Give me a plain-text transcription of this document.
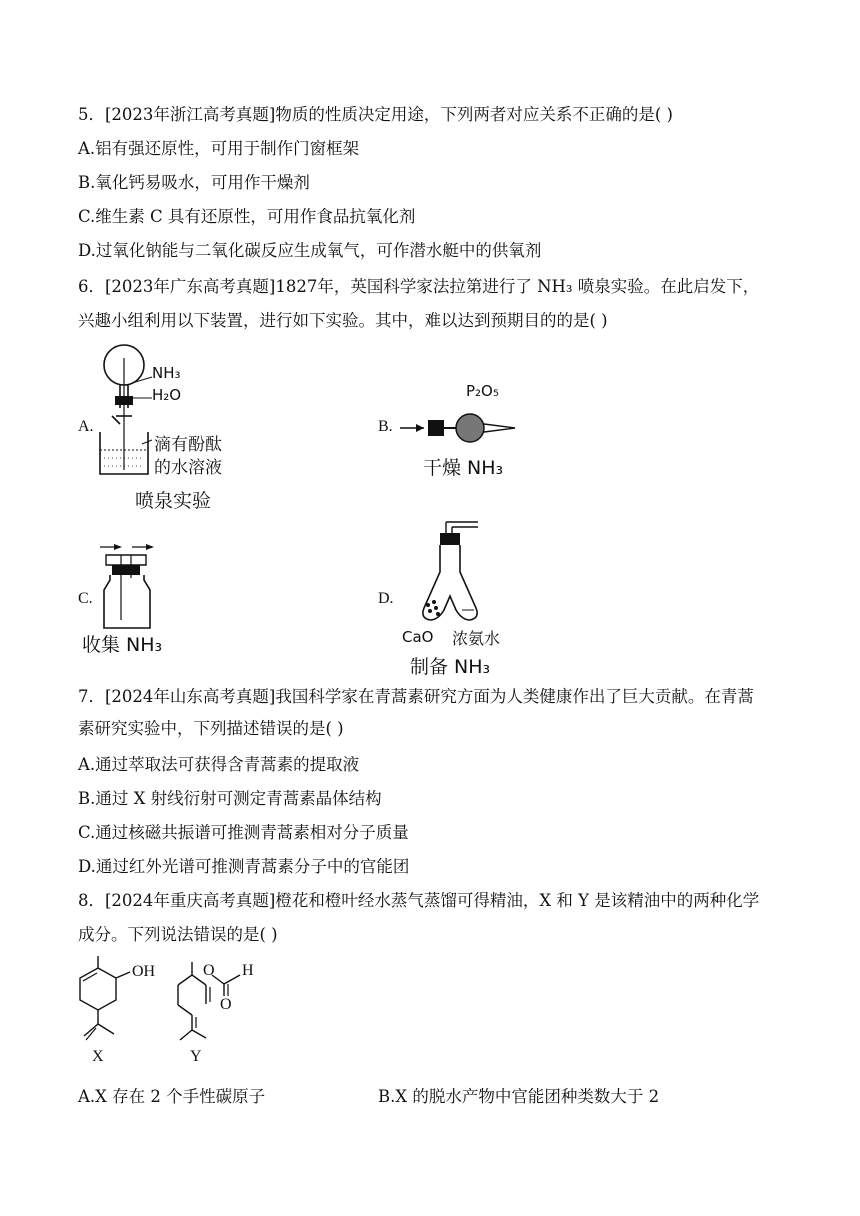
5．[2023年浙江高考真题]物质的性质决定用途，下列两者对应关系不正确的是( )
A.铝有强还原性，可用于制作门窗框架
B.氧化钙易吸水，可用作干燥剂
C.维生素 C 具有还原性，可用作食品抗氧化剂
D.过氧化钠能与二氧化碳反应生成氧气，可作潜水艇中的供氧剂
6．[2023年广东高考真题]1827年，英国科学家法拉第进行了 NH₃ 喷泉实验。在此启发下，
兴趣小组利用以下装置，进行如下实验。其中，难以达到预期目的的是( )
A.
NH₃
H₂O
滴有酚酞
的水溶液
喷泉实验
B.
P₂O₅
干燥 NH₃
C.
收集 NH₃
D.
CaO 浓氨水
制备 NH₃
7．[2024年山东高考真题]我国科学家在青蒿素研究方面为人类健康作出了巨大贡献。在青蒿
素研究实验中，下列描述错误的是( )
A.通过萃取法可获得含青蒿素的提取液
B.通过 X 射线衍射可测定青蒿素晶体结构
C.通过核磁共振谱可推测青蒿素相对分子质量
D.通过红外光谱可推测青蒿素分子中的官能团
8．[2024年重庆高考真题]橙花和橙叶经水蒸气蒸馏可得精油，X 和 Y 是该精油中的两种化学
成分。下列说法错误的是( )
OH
X
O
O
H
Y
A.X 存在 2 个手性碳原子	B.X 的脱水产物中官能团种类数大于 2
